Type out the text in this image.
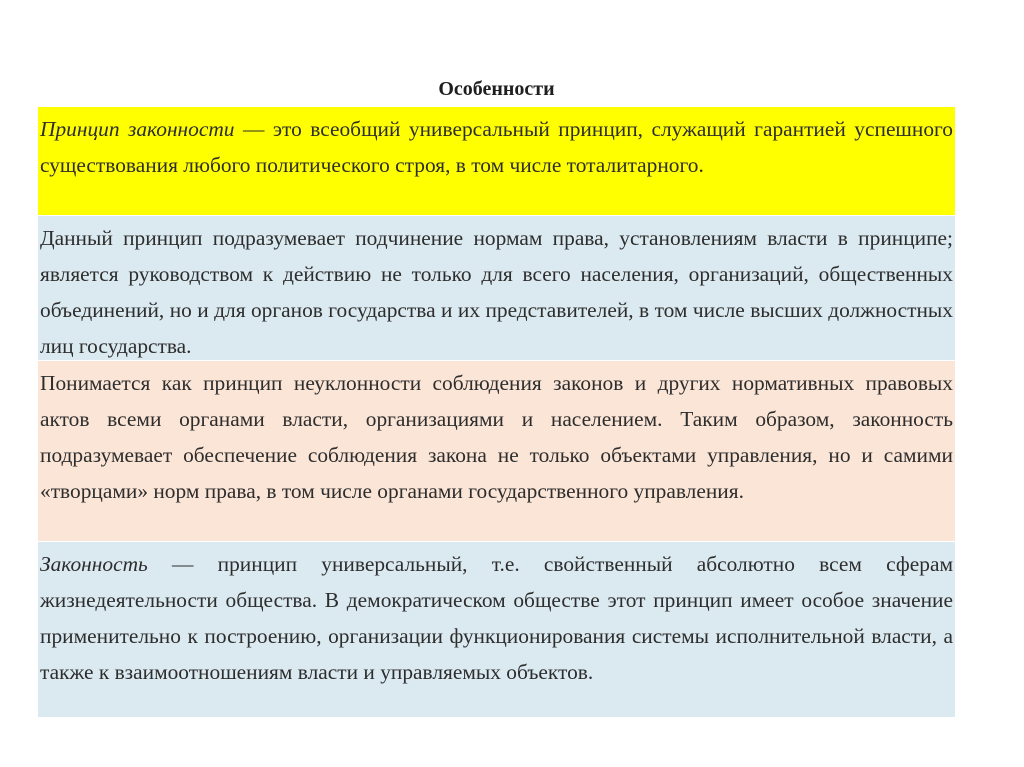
Особенности
Принцип законности — это всеобщий универсальный принцип, служащий гарантией успешного существования любого политического строя, в том числе тоталитарного.
Данный принцип подразумевает подчинение нормам права, установлениям власти в принципе; является руководством к действию не только для всего населения, организаций, общественных объединений, но и для органов государства и их представителей, в том числе высших должностных лиц государства.
Понимается как принцип неуклонности соблюдения законов и других нормативных правовых актов всеми органами власти, организациями и населением. Таким образом, законность подразумевает обеспечение соблюдения закона не только объектами управления, но и самими «творцами» норм права, в том числе органами государственного управления.
Законность — принцип универсальный, т.е. свойственный абсолютно всем сферам жизнедеятельности общества. В демократическом обществе этот принцип имеет особое значение применительно к построению, организации функционирования системы исполнительной власти, а также к взаимоотношениям власти и управляемых объектов.
